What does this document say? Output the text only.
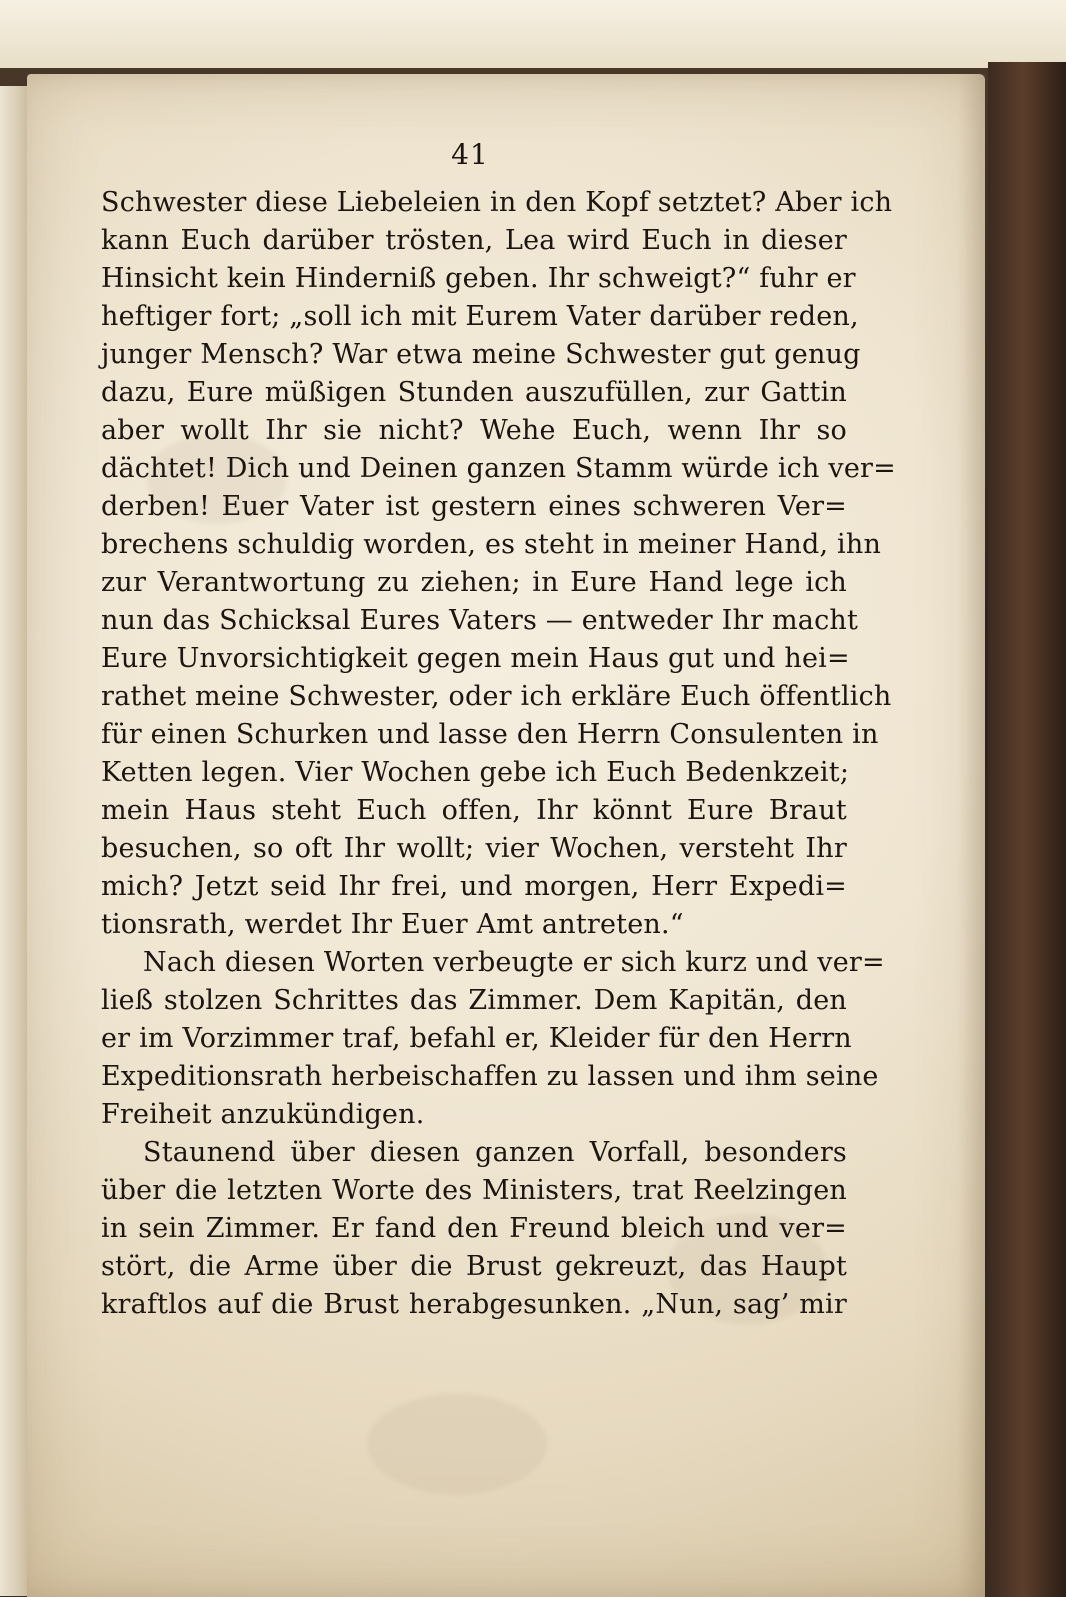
41
Schwester diese Liebeleien in den Kopf setztet? Aber ich
kann Euch darüber trösten, Lea wird Euch in dieser
Hinsicht kein Hinderniß geben. Ihr schweigt?“ fuhr er
heftiger fort; „soll ich mit Eurem Vater darüber reden,
junger Mensch? War etwa meine Schwester gut genug
dazu, Eure müßigen Stunden auszufüllen, zur Gattin
aber wollt Ihr sie nicht? Wehe Euch, wenn Ihr so
dächtet! Dich und Deinen ganzen Stamm würde ich ver=
derben! Euer Vater ist gestern eines schweren Ver=
brechens schuldig worden, es steht in meiner Hand, ihn
zur Verantwortung zu ziehen; in Eure Hand lege ich
nun das Schicksal Eures Vaters — entweder Ihr macht
Eure Unvorsichtigkeit gegen mein Haus gut und hei=
rathet meine Schwester, oder ich erkläre Euch öffentlich
für einen Schurken und lasse den Herrn Consulenten in
Ketten legen. Vier Wochen gebe ich Euch Bedenkzeit;
mein Haus steht Euch offen, Ihr könnt Eure Braut
besuchen, so oft Ihr wollt; vier Wochen, versteht Ihr
mich? Jetzt seid Ihr frei, und morgen, Herr Expedi=
tionsrath, werdet Ihr Euer Amt antreten.“
Nach diesen Worten verbeugte er sich kurz und ver=
ließ stolzen Schrittes das Zimmer. Dem Kapitän, den
er im Vorzimmer traf, befahl er, Kleider für den Herrn
Expeditionsrath herbeischaffen zu lassen und ihm seine
Freiheit anzukündigen.
Staunend über diesen ganzen Vorfall, besonders
über die letzten Worte des Ministers, trat Reelzingen
in sein Zimmer. Er fand den Freund bleich und ver=
stört, die Arme über die Brust gekreuzt, das Haupt
kraftlos auf die Brust herabgesunken. „Nun, sag’ mir
